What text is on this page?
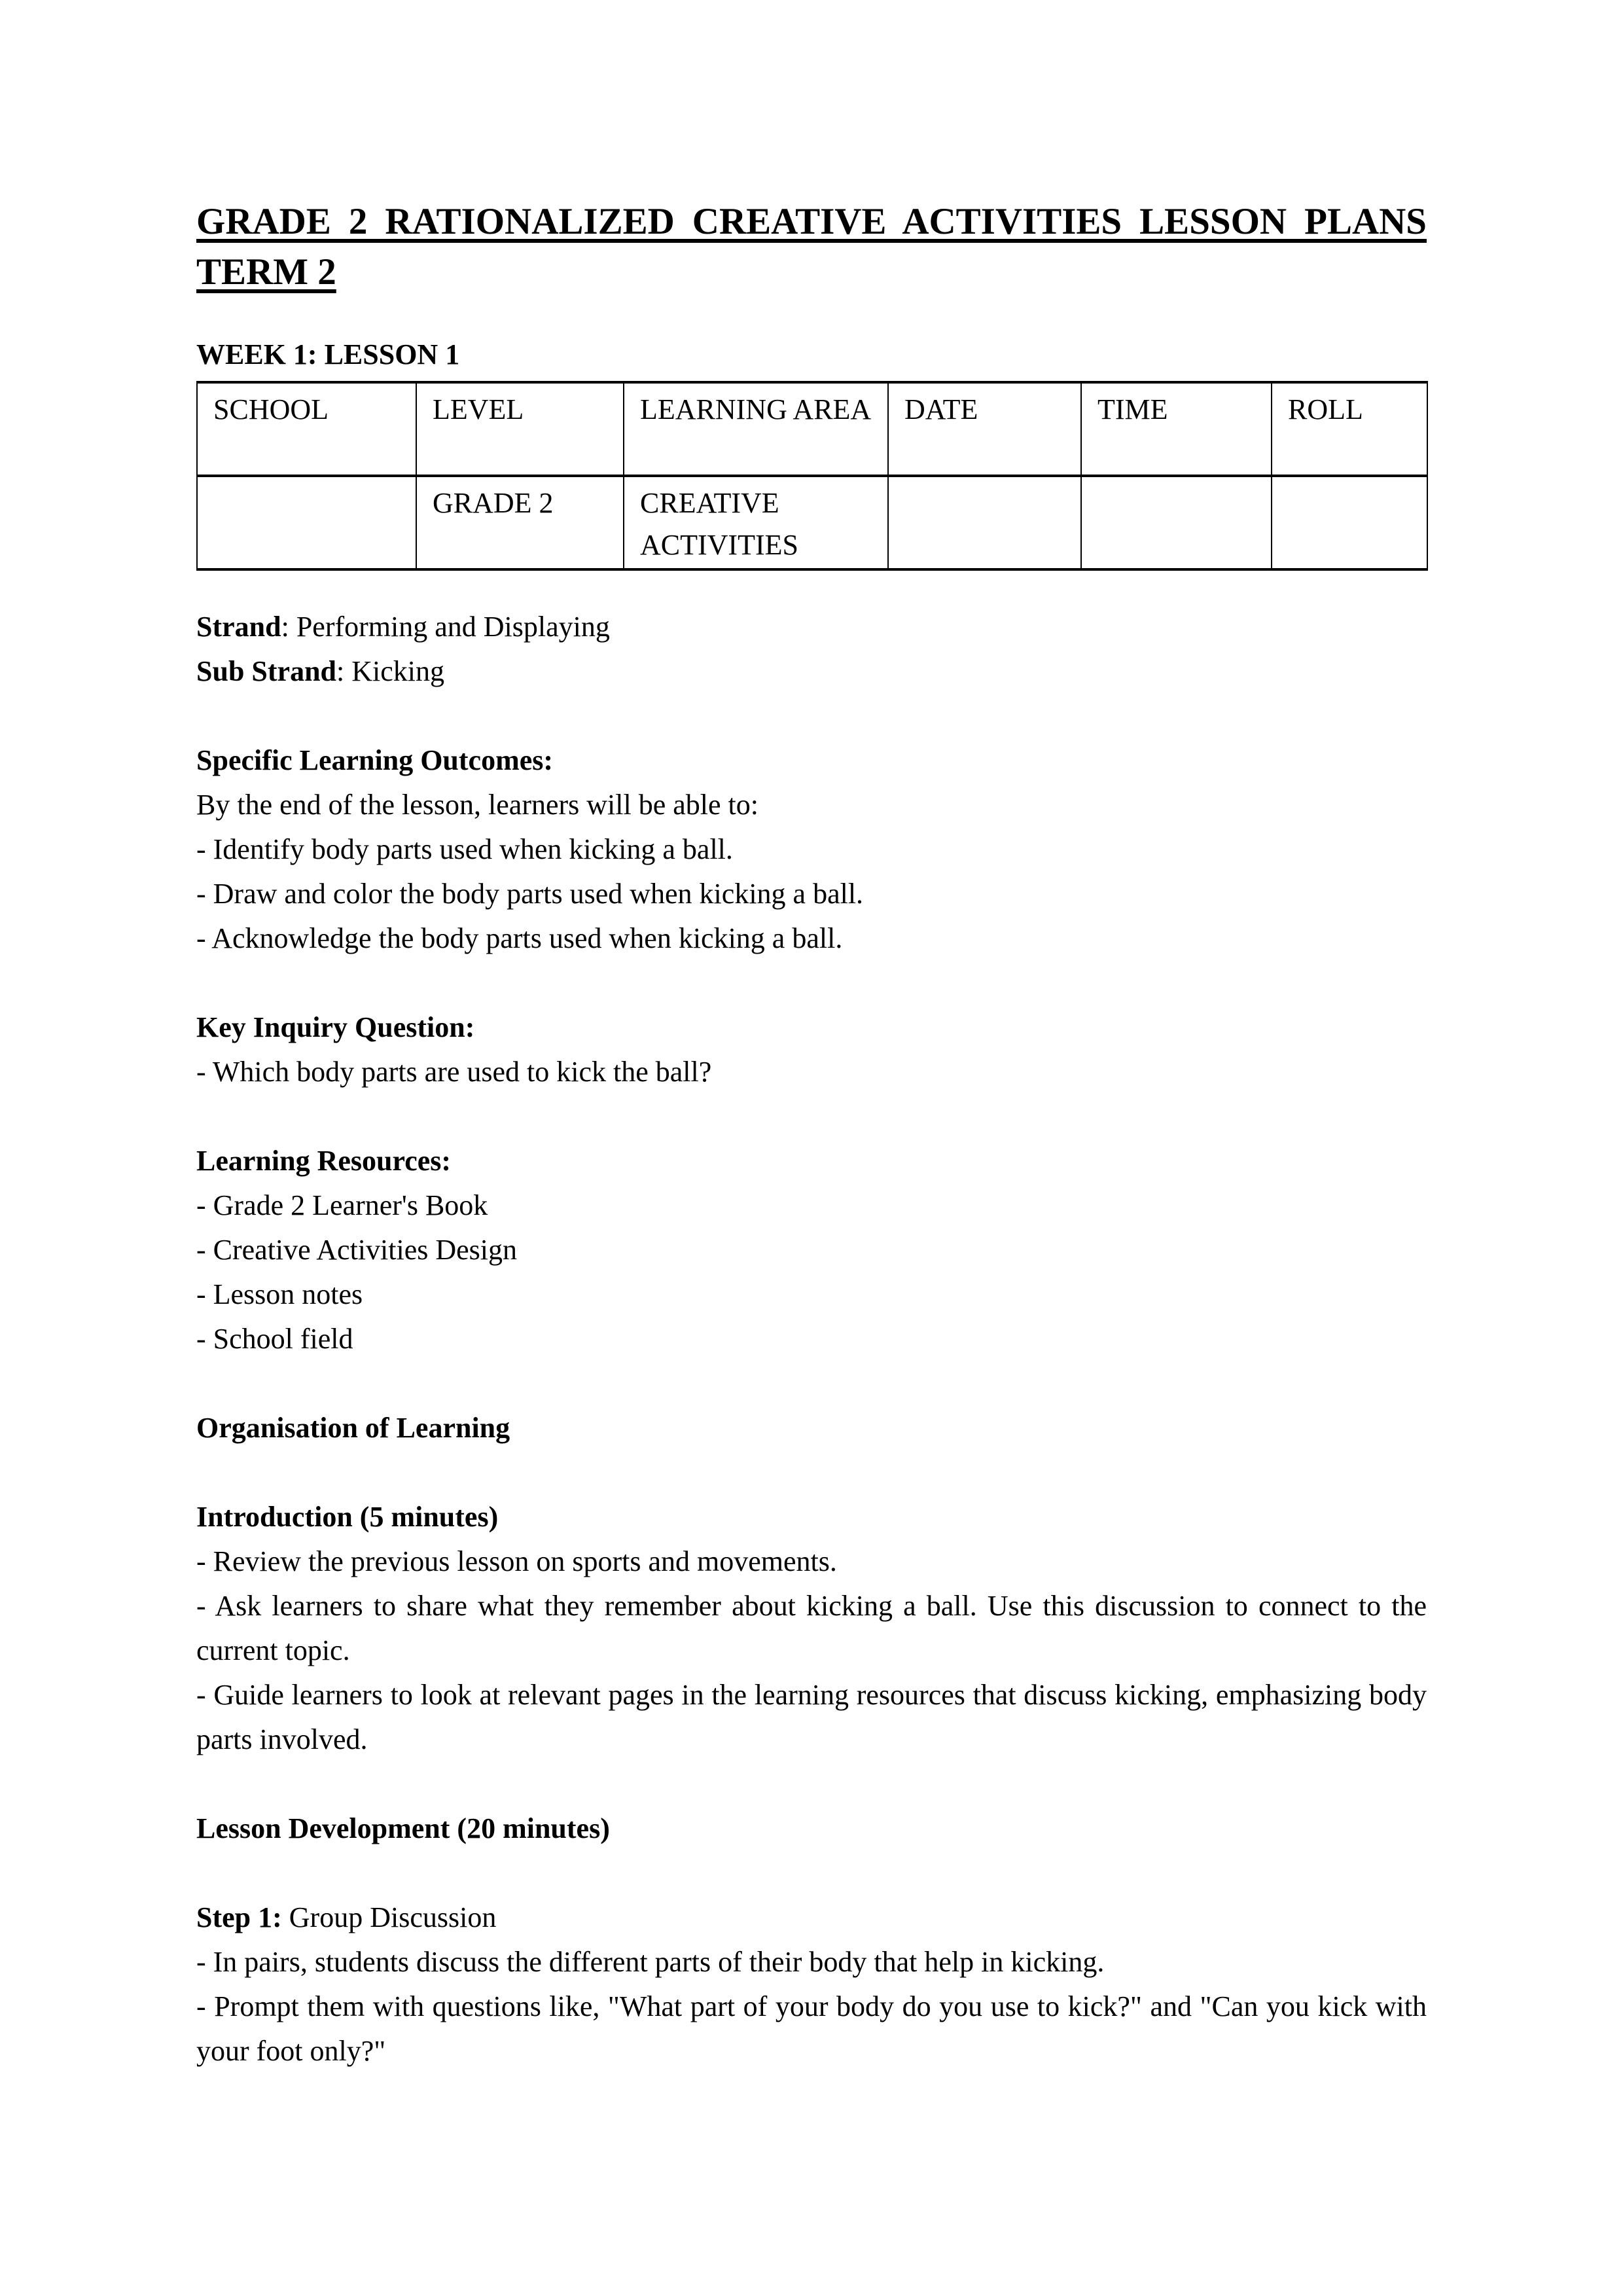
GRADE 2 RATIONALIZED CREATIVE ACTIVITIES LESSON PLANS
TERM 2

WEEK 1: LESSON 1

SCHOOL	LEVEL	LEARNING AREA	DATE	TIME	ROLL
	GRADE 2	CREATIVE ACTIVITIES			

Strand: Performing and Displaying

Sub Strand: Kicking

Specific Learning Outcomes:

By the end of the lesson, learners will be able to:

- Identify body parts used when kicking a ball.

- Draw and color the body parts used when kicking a ball.

- Acknowledge the body parts used when kicking a ball.

Key Inquiry Question:

- Which body parts are used to kick the ball?

Learning Resources:

- Grade 2 Learner's Book

- Creative Activities Design

- Lesson notes

- School field

Organisation of Learning

Introduction (5 minutes)

- Review the previous lesson on sports and movements.

- Ask learners to share what they remember about kicking a ball. Use this discussion to connect to the current topic.

- Guide learners to look at relevant pages in the learning resources that discuss kicking, emphasizing body parts involved.

Lesson Development (20 minutes)

Step 1: Group Discussion

- In pairs, students discuss the different parts of their body that help in kicking.

- Prompt them with questions like, "What part of your body do you use to kick?" and "Can you kick with your foot only?"
